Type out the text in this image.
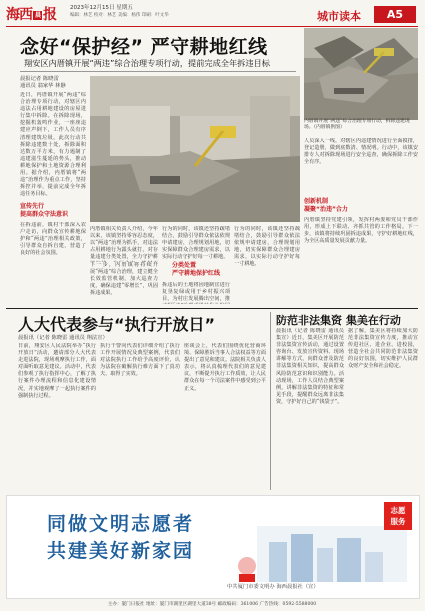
海西 晨 报	2023年12月15日 星期五
编辑：林艺 校对：林艺 美编：杨伟 印刷：叶文华	城市读本	A5
念好“保护经” 严守耕地红线
翔安区内厝镇开展“两违”综合治理专项行动，提前完成全年拆违目标
内厝镇开展“两违”综合治理专项行动，拆除违建现场。（内厝镇供图）
晨报记者 陈晓雷
通讯员 翁家华 林静
近日，内厝镇开展“两违”综合治理专项行动，对辖区内违法占用耕地建设的房屋进行集中拆除。在拆除现场，挖掘机轰鸣作业，一座座违建应声倒下，工作人员有序清理建筑垃圾。此次行动共拆除违建数十处，拆除面积达数万平方米，有力遏制了违建滋生蔓延的势头，推动耕地保护和土地资源合理利用。据介绍，内厝镇将“两违”治理作为重点工作，坚持拆控并举，提前完成全年拆违任务目标。
宣传先行
提高群众守法意识
在拆违前，镇村干部深入农户走访，向群众宣传耕地保护和“两违”治理相关政策，引导群众自拆自建，营造了良好的社会氛围。
内厝镇相关负责人介绍，今年以来，该镇坚持零容忍态度，以“两违”治理为抓手，对违法占用耕地行为露头就打，对存量违建分类处置，全力守护耕
下一步，内厝镇将持续开展“两违”综合治理，建立健全长效监管机制，加大巡查力度，确保违建“零增长”，巩固拆违成果。
行为的同时，该镇还坚持疏堵结合，鼓励引导群众依法依规申请建房，合理规划用地，切实保障群众合理建房需求，以实际行动守护好每一寸耕地。
分类处置
严守耕地保护红线
拆违后的土地将因地制宜进行复垦复绿或用于乡村振兴项目，为村庄发展腾出空间，推
行为的同时，该镇还坚持疏堵结合，鼓励引导群众依法依规申请建房，合理规划用地，切实保障群众合理建房需求，以实际行动守护好每一寸耕地。
人员深入一线，对辖区内违建情况进行全面摸排，登记造册，做到底数清、情况明。行动中，该镇安排专人对拆除现场进行安全巡查，确保拆除工作安全有序。
创新机制
凝聚“治违”合力
内厝镇坚持党建引领，发挥村两委和党员干部作用，形成上下联动、齐抓共管的工作格局。下一步，该镇将持续巩固拆违成果，守护好耕地红线，为全区高质量发展贡献力量。
人大代表参与“执行开放日”
晨报讯（记者 陈晓雷 通讯员 翔法宣）
日前，翔安区人民法院举办“执行开放日”活动，邀请部分人大代表走进法院，现场观摩执行工作，面对面听取意见建议。活动中，代表们参观了执行指挥中心，了解了执行案件办理流程和信息化建设情况，并实地观摩了一起执行案件的强制执行过程。
执行干警向代表们详细介绍了执行工作开展情况及典型案例，代表们对法院执行工作给予高度评价，认为法院在破解执行难方面下了真功夫、取得了实效。
座谈会上，代表们围绕优化营商环境、保障胜诉当事人合法权益等方面提出了意见和建议。法院相关负责人表示，将认真梳理代表们的意见建议，不断提升执行工作质效，让人民群众在每一个司法案件中感受到公平正义。
防范非法集资 集美在行动
晨报讯（记者 陈晓雷 通讯员 集宣）近日，集美区开展防范非法集资宣传活动，通过设置咨询台、发放宣传资料、现场讲解等方式，向群众普及防范非法集资相关知识，提高群众风险防范意识和识别能力。活动现场，工作人员结合典型案例，讲解非法集资的特征和常见手段，提醒群众远离非法集资，守护好自己的“钱袋子”。
据了解，集美区将持续加大防范非法集资宣传力度，推动宣传进社区、进企业、进校园，营造全社会共同防范非法集资的良好氛围，切实维护人民群众财产安全和社会稳定。
同做文明志愿者
共建美好新家园
志愿
服务
中共厦门市委文明办 海西晨报社（宣）
主办：厦门日报社 地址：厦门市湖里区湖里大道38号 邮政编码：361006 广告热线：0592-5588000
